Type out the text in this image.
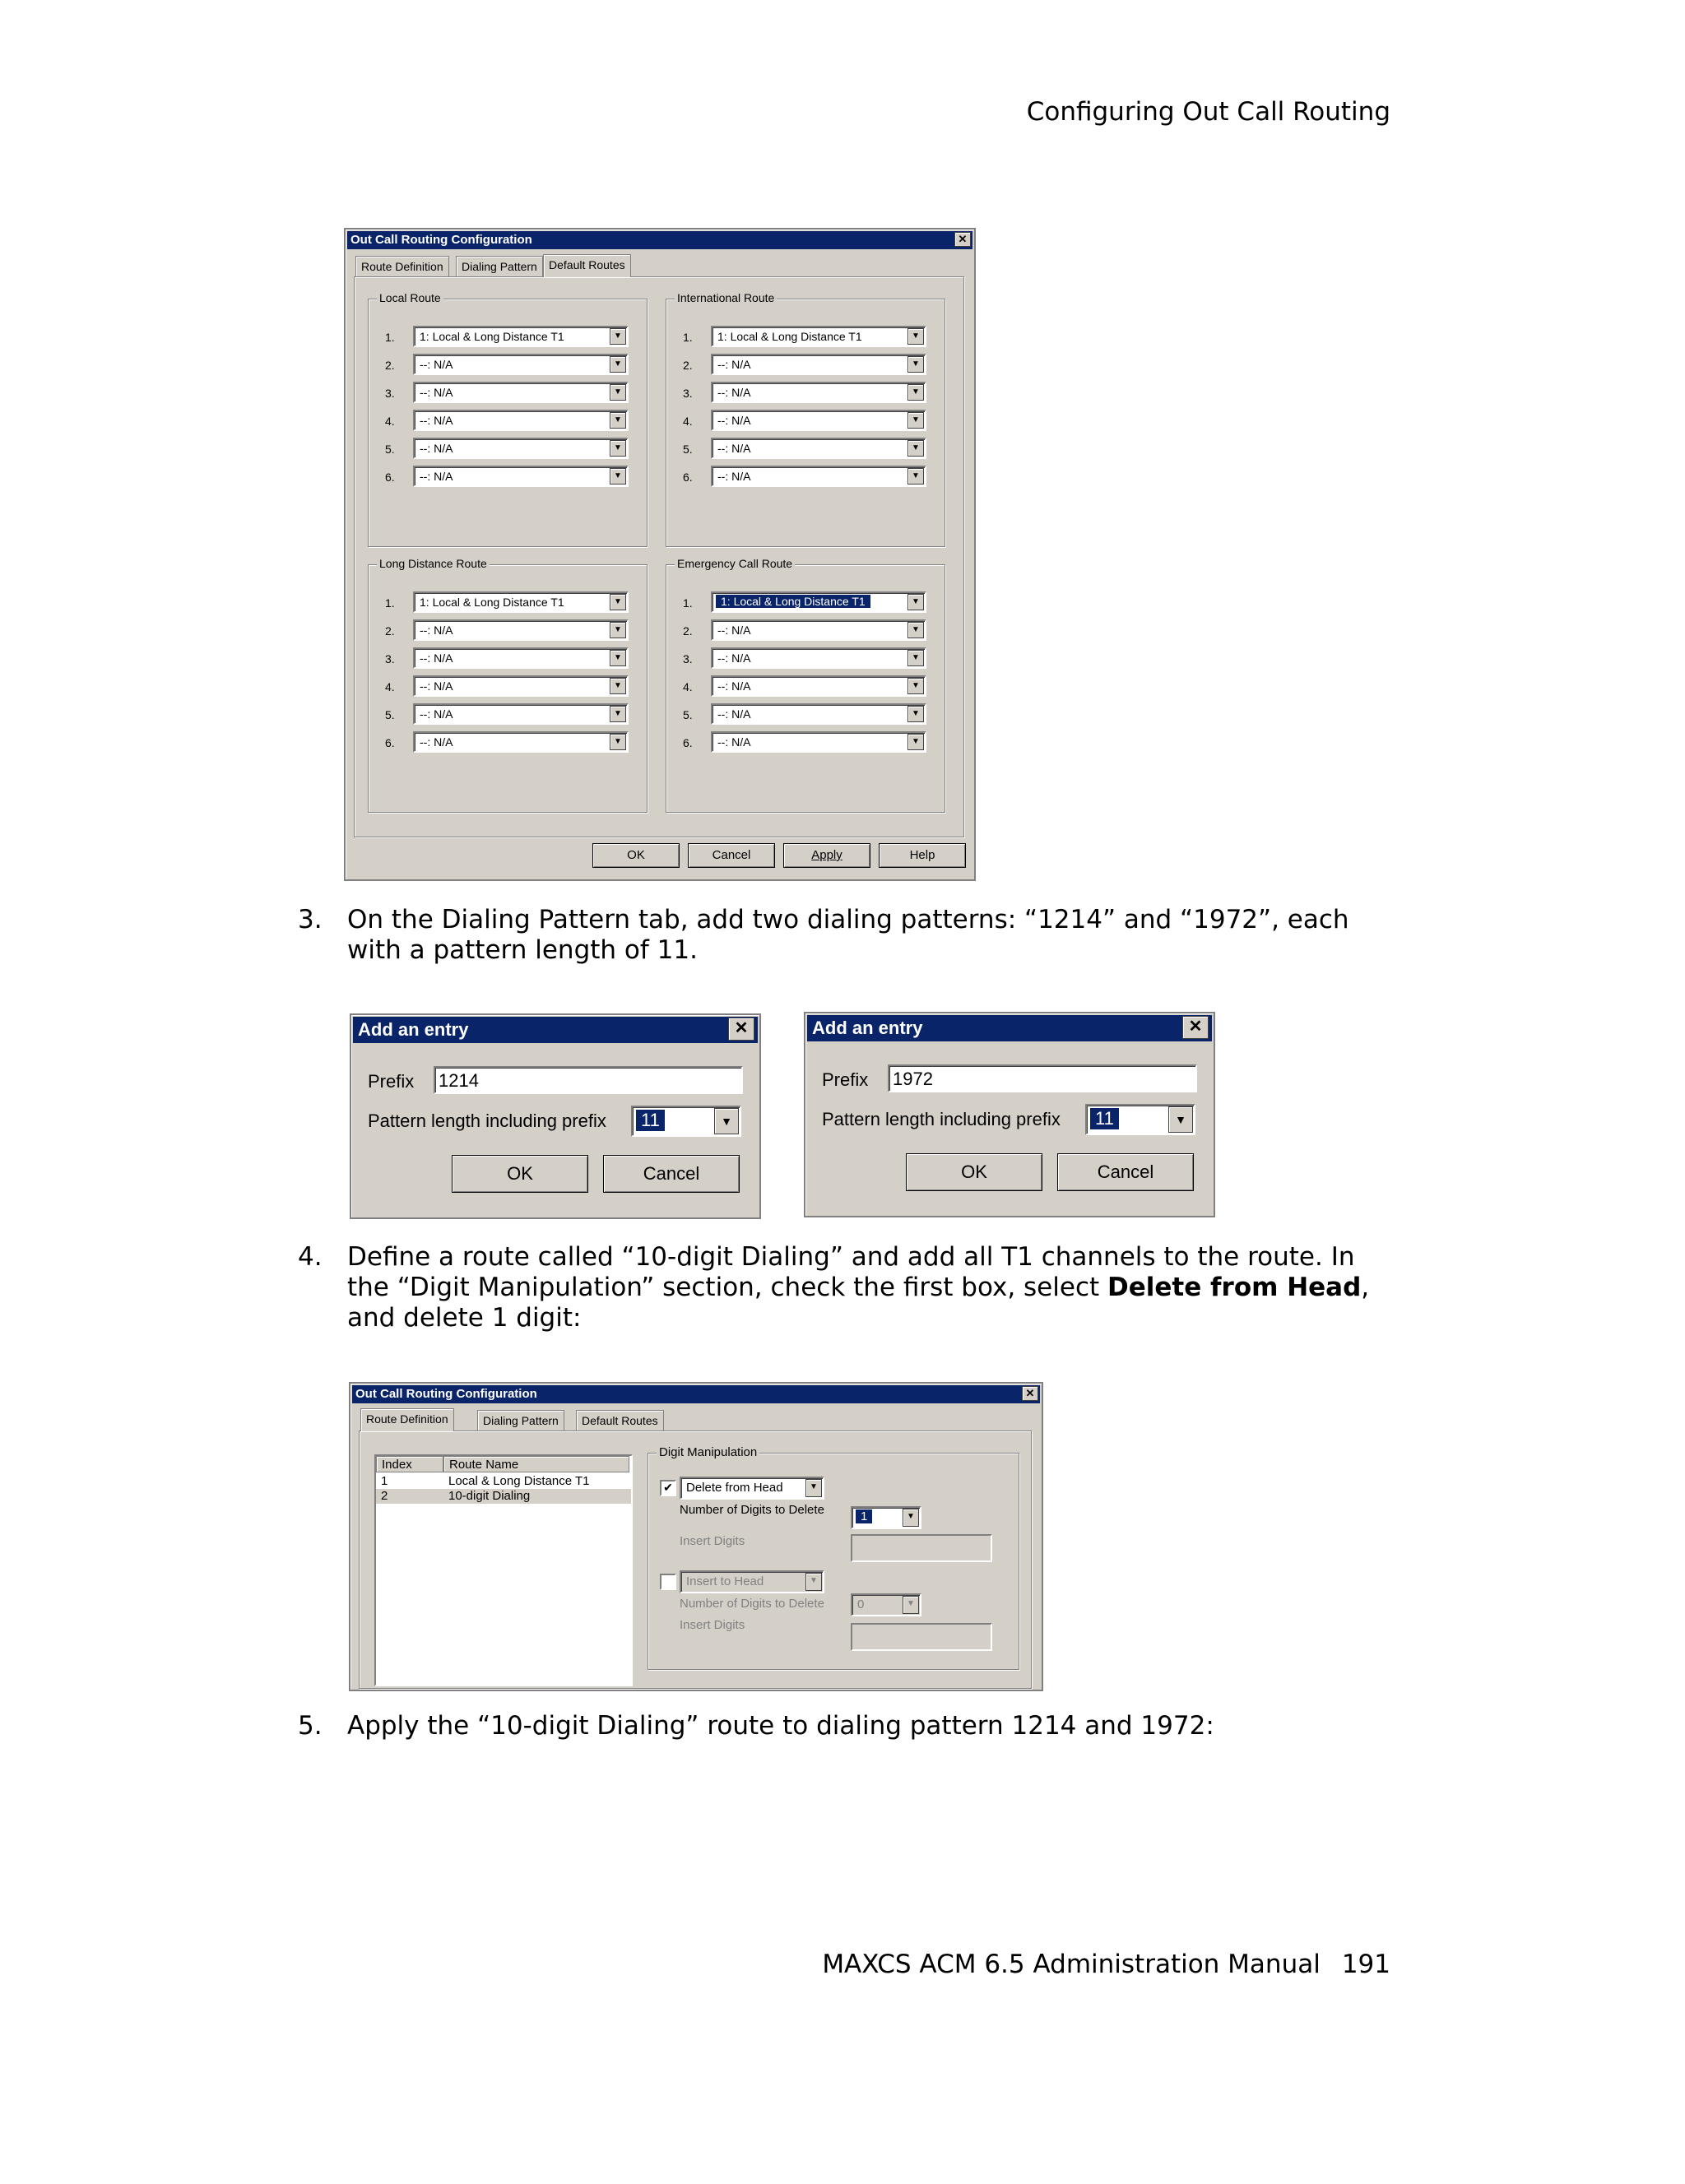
Configuring Out Call Routing
Out Call Routing Configuration	✕
Route Definition	Dialing Pattern	Default Routes
Local Route
1. 1: Local & Long Distance T1	▼
2. --: N/A	▼
3. --: N/A	▼
4. --: N/A	▼
5. --: N/A	▼
6. --: N/A	▼
International Route
1. 1: Local & Long Distance T1	▼
2. --: N/A	▼
3. --: N/A	▼
4. --: N/A	▼
5. --: N/A	▼
6. --: N/A	▼
Long Distance Route
1. 1: Local & Long Distance T1	▼
2. --: N/A	▼
3. --: N/A	▼
4. --: N/A	▼
5. --: N/A	▼
6. --: N/A	▼
Emergency Call Route
1.	1: Local & Long Distance T1	▼
2. --: N/A	▼
3. --: N/A	▼
4. --: N/A	▼
5. --: N/A	▼
6. --: N/A	▼
OK	Cancel	Apply	Help
3. On the Dialing Pattern tab, add two dialing patterns: “1214” and “1972”, each with a pattern length of 11.
Add an entry	✕
Prefix 1214
Pattern length including prefix 11	▼
OK	Cancel
Add an entry	✕
Prefix 1972
Pattern length including prefix 11	▼
OK	Cancel
4. Define a route called “10-digit Dialing” and add all T1 channels to the route. In the “Digit Manipulation” section, check the first box, select Delete from Head, and delete 1 digit:
Out Call Routing Configuration	✕
Route Definition	Dialing Pattern	Default Routes
Index	Route Name
1	Local & Long Distance T1
2	10-digit Dialing
Digit Manipulation
✔ Delete from Head	▼
Number of Digits to Delete	1	▼
Insert Digits
Insert to Head	▼
Number of Digits to Delete	0	▼
Insert Digits
5. Apply the “10-digit Dialing” route to dialing pattern 1214 and 1972:
MAXCS ACM 6.5 Administration Manual 191
